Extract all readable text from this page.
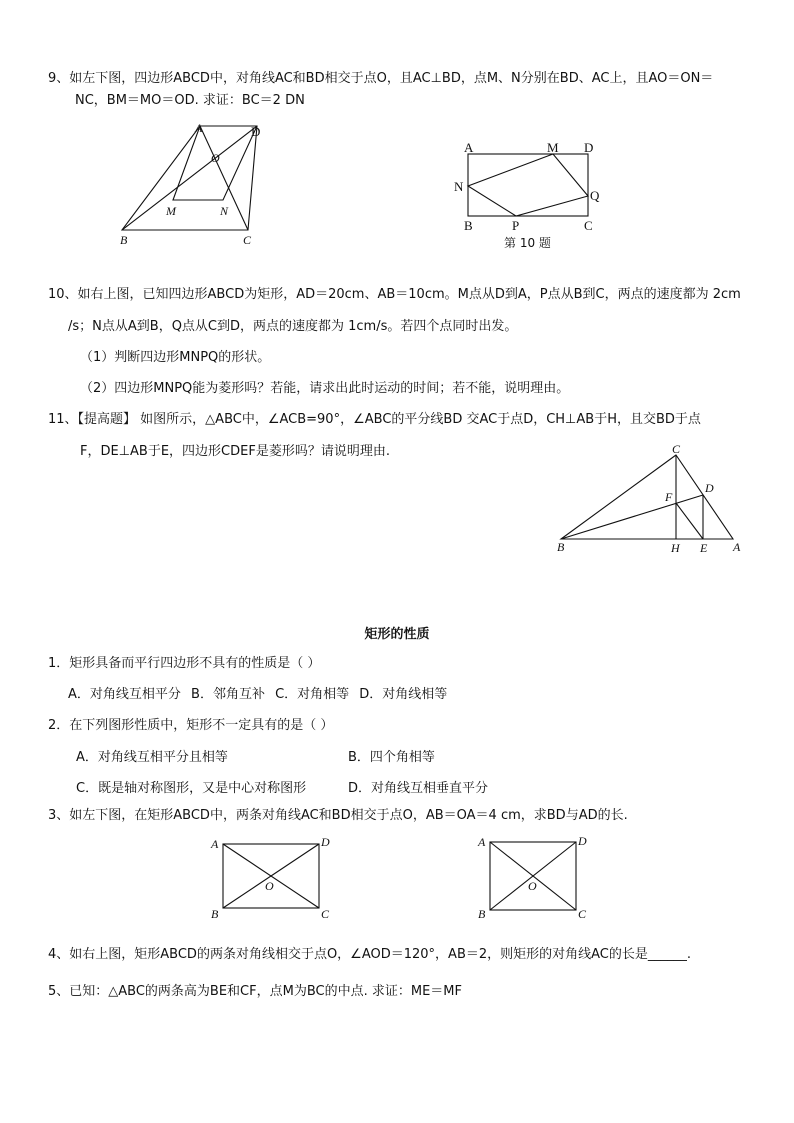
9、如左下图，四边形ABCD中，对角线AC和BD相交于点O，且AC⊥BD，点M、N分别在BD、AC上，且AO＝ON＝
NC，BM＝MO＝OD. 求证：BC＝2 DN
A	D
O
M	N
B	C
A	M D
N
Q
B	P	C
第 10 题
10、如右上图，已知四边形ABCD为矩形，AD＝20cm、AB＝10cm。M点从D到A，P点从B到C，两点的速度都为 2cm
/s；N点从A到B，Q点从C到D，两点的速度都为 1cm/s。若四个点同时出发。
（1）判断四边形MNPQ的形状。
（2）四边形MNPQ能为菱形吗？若能，请求出此时运动的时间；若不能，说明理由。
11、【提高题】 如图所示，△ABC中，∠ACB=90°，∠ABC的平分线BD 交AC于点D，CH⊥AB于H，且交BD于点
F，DE⊥AB于E，四边形CDEF是菱形吗？请说明理由.	C
F
D
B	H E A
矩形的性质
1．矩形具备而平行四边形不具有的性质是（ ）
A．对角线互相平分 B．邻角互补 C．对角相等 D．对角线相等
2．在下列图形性质中，矩形不一定具有的是（ ）
A．对角线互相平分且相等	B．四个角相等
C．既是轴对称图形，又是中心对称图形	D．对角线互相垂直平分
3、如左下图，在矩形ABCD中，两条对角线AC和BD相交于点O，AB＝OA＝4 cm，求BD与AD的长.
A	D
O
B	C
A	D
O
B	C
4、如右上图，矩形ABCD的两条对角线相交于点O，∠AOD＝120°，AB＝2，则矩形的对角线AC的长是______.
5、已知：△ABC的两条高为BE和CF，点M为BC的中点. 求证：ME＝MF
